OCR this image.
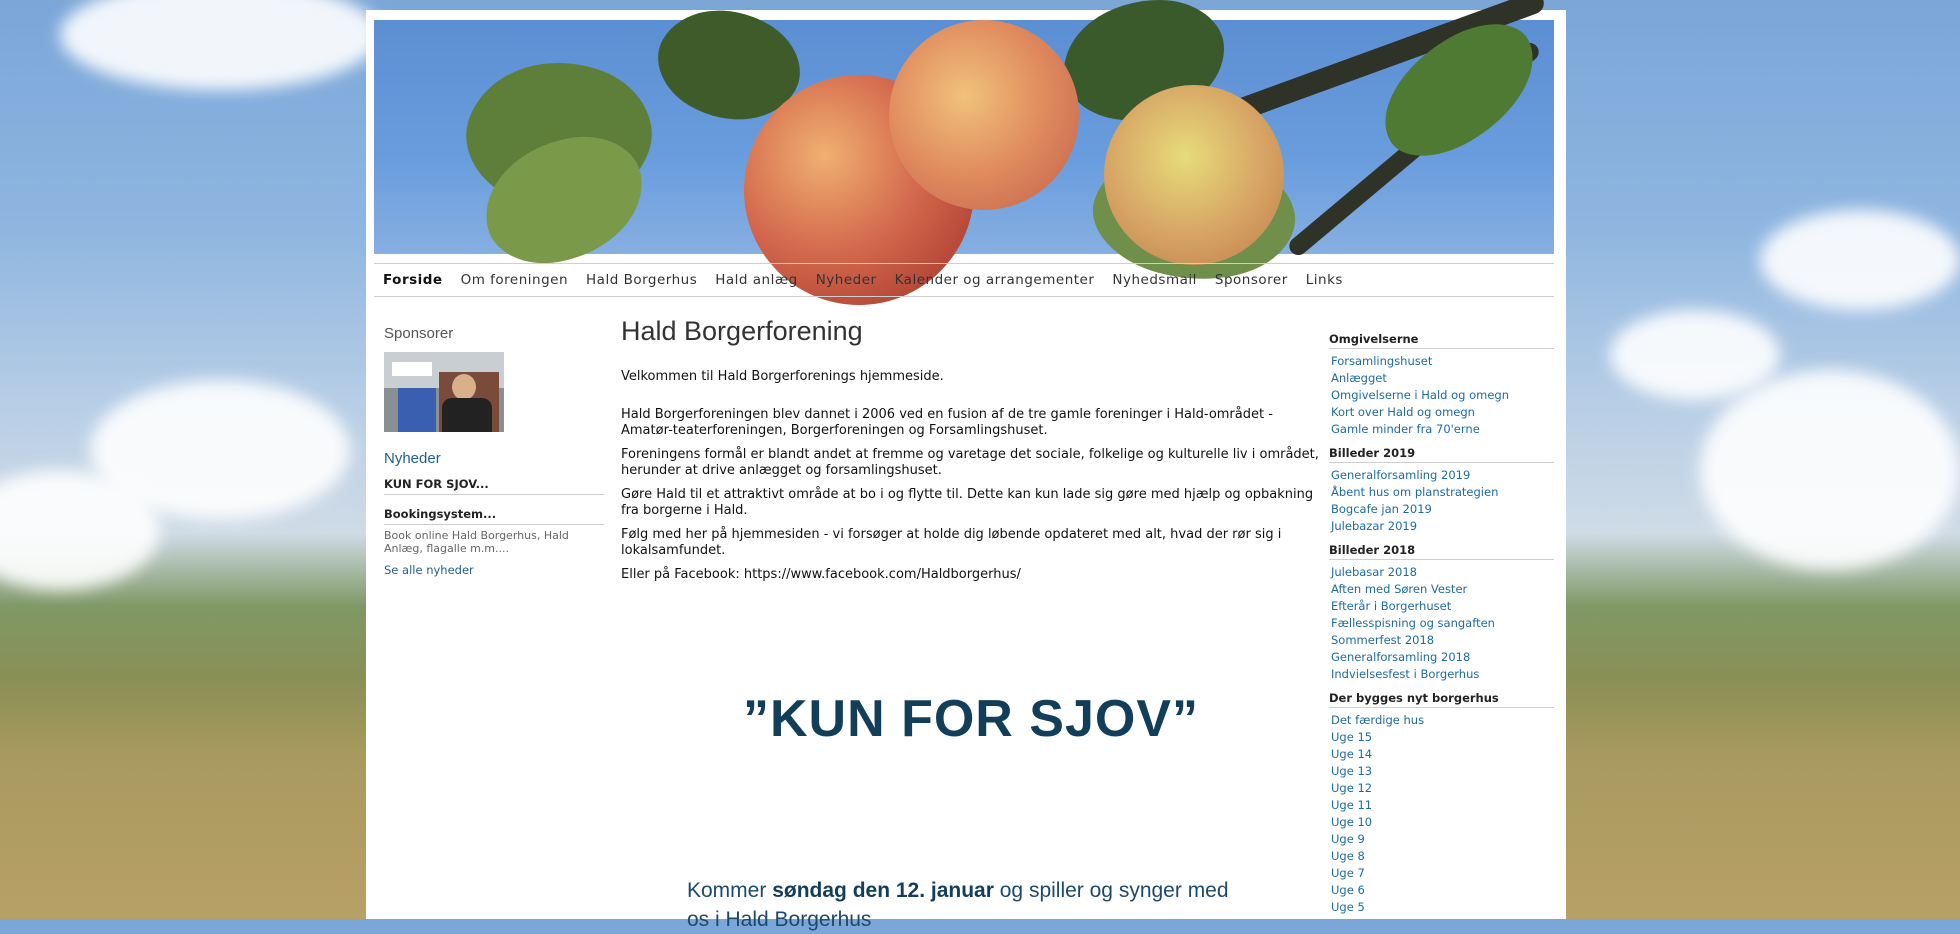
Forside	Om foreningen	Hald Borgerhus	Hald anlæg	Nyheder	Kalender og arrangementer	Nyhedsmail	Sponsorer	Links
Sponsorer
Nyheder
KUN FOR SJOV...
Bookingsystem...
Book online Hald Borgerhus, Hald Anlæg, flagalle m.m....
Se alle nyheder
Hald Borgerforening

Velkommen til Hald Borgerforenings hjemmeside.

Hald Borgerforeningen blev dannet i 2006 ved en fusion af de tre gamle foreninger i Hald-området - Amatør-teaterforeningen, Borgerforeningen og Forsamlingshuset.

Foreningens formål er blandt andet at fremme og varetage det sociale, folkelige og kulturelle liv i området, herunder at drive anlægget og forsamlingshuset.

Gøre Hald til et attraktivt område at bo i og flytte til. Dette kan kun lade sig gøre med hjælp og opbakning fra borgerne i Hald.

Følg med her på hjemmesiden - vi forsøger at holde dig løbende opdateret med alt, hvad der rør sig i lokalsamfundet.

Eller på Facebook: https://www.facebook.com/Haldborgerhus/

”KUN FOR SJOV”
Kommer søndag den 12. januar og spiller og synger med os i Hald Borgerhus
Omgivelserne
Forsamlingshuset
Anlægget
Omgivelserne i Hald og omegn
Kort over Hald og omegn
Gamle minder fra 70'erne
Billeder 2019
Generalforsamling 2019
Åbent hus om planstrategien
Bogcafe jan 2019
Julebazar 2019
Billeder 2018
Julebasar 2018
Aften med Søren Vester
Efterår i Borgerhuset
Fællesspisning og sangaften
Sommerfest 2018
Generalforsamling 2018
Indvielsesfest i Borgerhus
Der bygges nyt borgerhus
Det færdige hus
Uge 15
Uge 14
Uge 13
Uge 12
Uge 11
Uge 10
Uge 9
Uge 8
Uge 7
Uge 6
Uge 5
